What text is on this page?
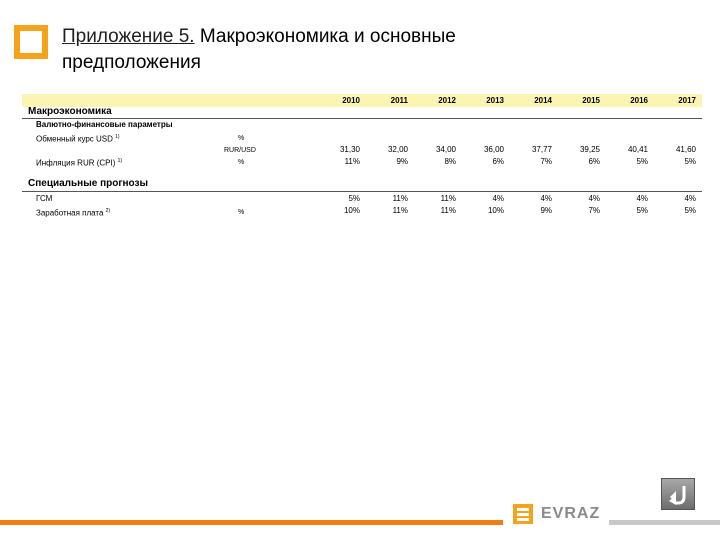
Приложение 5. Макроэкономика и основные
предположения
2010	2011	2012	2013	2014	2015	2016	2017
Макроэкономика
Валютно-финансовые параметры
Обменный курс USD $^{1)}$	%
RUR/USD	31,30	32,00	34,00	36,00	37,77	39,25	40,41	41,60
Инфляция RUR (CPI) $^{1)}$	%	11%	9%	8%	6%	7%	6%	5%	5%
Специальные прогнозы
ГСМ	5%	11%	11%	4%	4%	4%	4%	4%
Заработная плата $^{2)}$	%	10%	11%	11%	10%	9%	7%	5%	5%
EVRAZ
